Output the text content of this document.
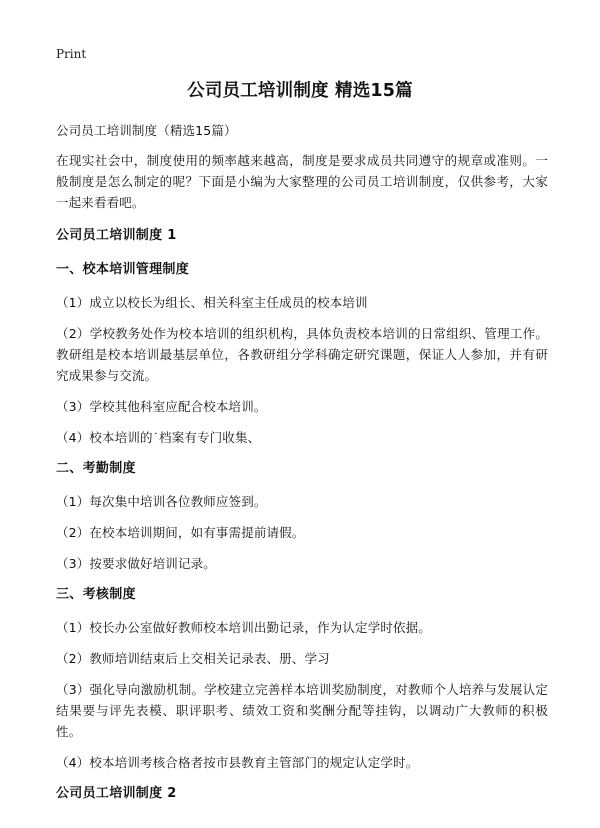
Print
公司员工培训制度 精选15篇

公司员工培训制度（精选15篇）

在现实社会中，制度使用的频率越来越高，制度是要求成员共同遵守的规章或准则。一般制度是怎么制定的呢？下面是小编为大家整理的公司员工培训制度，仅供参考，大家一起来看看吧。

公司员工培训制度 1
一、校本培训管理制度

（1）成立以校长为组长、相关科室主任成员的校本培训

（2）学校教务处作为校本培训的组织机构，具体负责校本培训的日常组织、管理工作。教研组是校本培训最基层单位，各教研组分学科确定研究课题，保证人人参加，并有研究成果参与交流。

（3）学校其他科室应配合校本培训。

（4）校本培训的˙档案有专门收集、

二、考勤制度

（1）每次集中培训各位教师应签到。

（2）在校本培训期间，如有事需提前请假。

（3）按要求做好培训记录。

三、考核制度

（1）校长办公室做好教师校本培训出勤记录，作为认定学时依据。

（2）教师培训结束后上交相关记录表、册、学习

（3）强化导向激励机制。学校建立完善样本培训奖励制度，对教师个人培养与发展认定结果要与评先表模、职评职考、绩效工资和奖酬分配等挂钩，以调动广大教师的积极性。

（4）校本培训考核合格者按市县教育主管部门的规定认定学时。

公司员工培训制度 2
